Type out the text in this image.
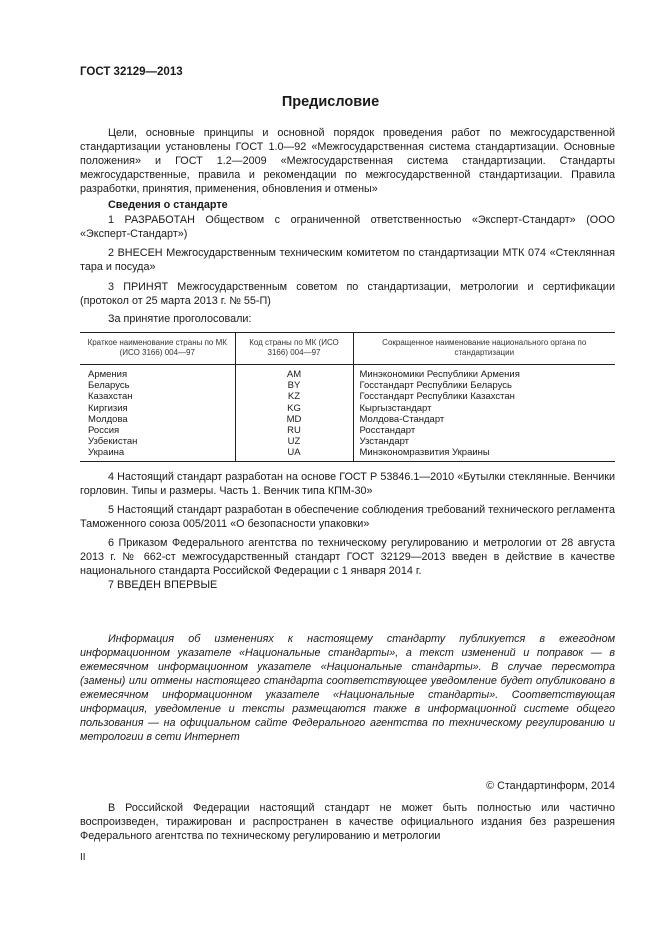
ГОСТ 32129—2013
Предисловие
Цели, основные принципы и основной порядок проведения работ по межгосударственной стандартизации установлены ГОСТ 1.0—92 «Межгосударственная система стандартизации. Основные положения» и ГОСТ 1.2—2009 «Межгосударственная система стандартизации. Стандарты межгосударственные, правила и рекомендации по межгосударственной стандартизации. Правила разработки, принятия, применения, обновления и отмены»
Сведения о стандарте
1 РАЗРАБОТАН Обществом с ограниченной ответственностью «Эксперт-Стандарт» (ООО «Эксперт-Стандарт»)
2 ВНЕСЕН Межгосударственным техническим комитетом по стандартизации МТК 074 «Стеклянная тара и посуда»
3 ПРИНЯТ Межгосударственным советом по стандартизации, метрологии и сертификации (протокол от 25 марта 2013 г. № 55-П)
За принятие проголосовали:
Краткое наименование страны по МК (ИСО 3166) 004—97	Код страны по МК (ИСО 3166) 004—97	Сокращенное наименование национального органа по стандартизации
Армения	AM	Минэкономики Республики Армения
Беларусь	BY	Госстандарт Республики Беларусь
Казахстан	KZ	Госстандарт Республики Казахстан
Киргизия	KG	Кыргызстандарт
Молдова	MD	Молдова-Стандарт
Россия	RU	Росстандарт
Узбекистан	UZ	Узстандарт
Украина	UA	Минэкономразвития Украины
4 Настоящий стандарт разработан на основе ГОСТ Р 53846.1—2010 «Бутылки стеклянные. Венчики горловин. Типы и размеры. Часть 1. Венчик типа КПМ-30»
5 Настоящий стандарт разработан в обеспечение соблюдения требований технического регламента Таможенного союза 005/2011 «О безопасности упаковки»
6 Приказом Федерального агентства по техническому регулированию и метрологии от 28 августа 2013 г. № 662-ст межгосударственный стандарт ГОСТ 32129—2013 введен в действие в качестве национального стандарта Российской Федерации с 1 января 2014 г.
7 ВВЕДЕН ВПЕРВЫЕ
Информация об изменениях к настоящему стандарту публикуется в ежегодном информационном указателе «Национальные стандарты», а текст изменений и поправок — в ежемесячном информационном указателе «Национальные стандарты». В случае пересмотра (замены) или отмены настоящего стандарта соответствующее уведомление будет опубликовано в ежемесячном информационном указателе «Национальные стандарты». Соответствующая информация, уведомление и тексты размещаются также в информационной системе общего пользования — на официальном сайте Федерального агентства по техническому регулированию и метрологии в сети Интернет
© Стандартинформ, 2014
В Российской Федерации настоящий стандарт не может быть полностью или частично воспроизведен, тиражирован и распространен в качестве официального издания без разрешения Федерального агентства по техническому регулированию и метрологии
II
